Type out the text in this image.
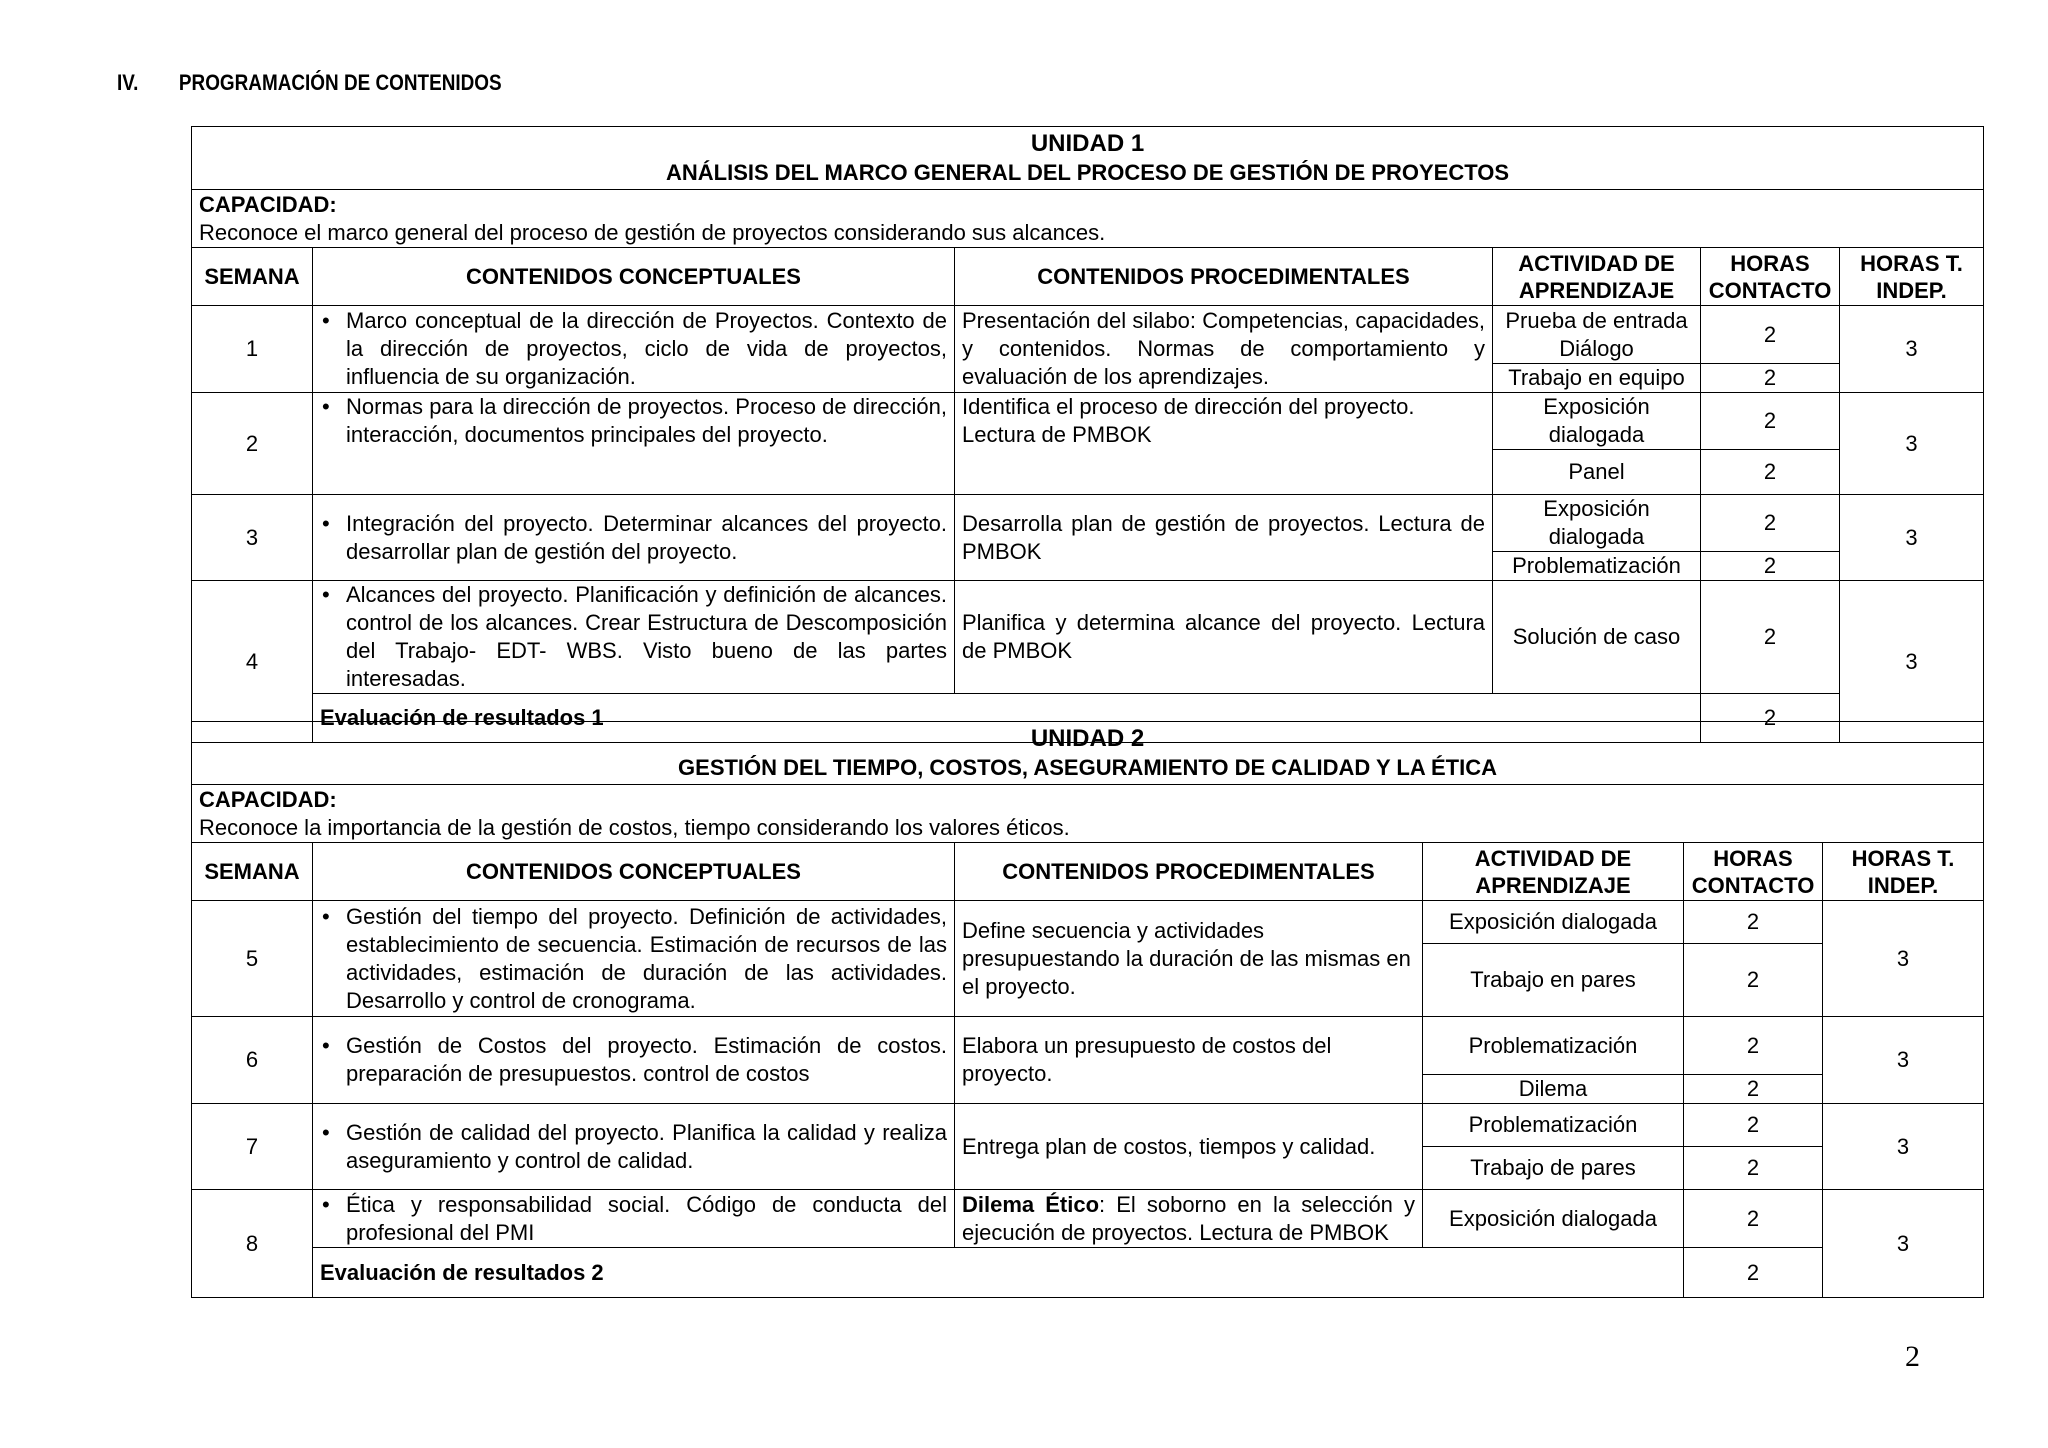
IV. PROGRAMACIÓN DE CONTENIDOS
UNIDAD 1
ANÁLISIS DEL MARCO GENERAL DEL PROCESO DE GESTIÓN DE PROYECTOS					

CAPACIDAD:
Reconoce el marco general del proceso de gestión de proyectos considerando sus alcances.					
SEMANA	CONTENIDOS CONCEPTUALES	CONTENIDOS PROCEDIMENTALES	ACTIVIDAD DE APRENDIZAJE	HORAS CONTACTO	HORAS T. INDEP.
1	• Marco conceptual de la dirección de Proyectos. Contexto de la dirección de proyectos, ciclo de vida de proyectos, influencia de su organización.	Presentación del silabo: Competencias, capacidades, y contenidos. Normas de comportamiento y evaluación de los aprendizajes.	Prueba de entrada Diálogo	2	3
			Trabajo en equipo	2	
2	• Normas para la dirección de proyectos. Proceso de dirección, interacción, documentos principales del proyecto.	Identifica el proceso de dirección del proyecto. Lectura de PMBOK	Exposición dialogada	2	3
			Panel	2	
3	• Integración del proyecto. Determinar alcances del proyecto. desarrollar plan de gestión del proyecto.	Desarrolla plan de gestión de proyectos. Lectura de PMBOK	Exposición dialogada	2	3
			Problematización	2	
4	• Alcances del proyecto. Planificación y definición de alcances. control de los alcances. Crear Estructura de Descomposición del Trabajo- EDT- WBS. Visto bueno de las partes interesadas.	Planifica y determina alcance del proyecto. Lectura de PMBOK	Solución de caso	2	3
	Evaluación de resultados 1			2	
UNIDAD 2
GESTIÓN DEL TIEMPO, COSTOS, ASEGURAMIENTO DE CALIDAD Y LA ÉTICA					

CAPACIDAD:
Reconoce la importancia de la gestión de costos, tiempo considerando los valores éticos.					
SEMANA	CONTENIDOS CONCEPTUALES	CONTENIDOS PROCEDIMENTALES	ACTIVIDAD DE APRENDIZAJE	HORAS CONTACTO	HORAS T. INDEP.
5	• Gestión del tiempo del proyecto. Definición de actividades, establecimiento de secuencia. Estimación de recursos de las actividades, estimación de duración de las actividades. Desarrollo y control de cronograma.	Define secuencia y actividades presupuestando la duración de las mismas en el proyecto.	Exposición dialogada	2	3
			Trabajo en pares	2	
6	• Gestión de Costos del proyecto. Estimación de costos. preparación de presupuestos. control de costos	Elabora un presupuesto de costos del proyecto.	Problematización	2	3
			Dilema	2	
7	• Gestión de calidad del proyecto. Planifica la calidad y realiza aseguramiento y control de calidad.	Entrega plan de costos, tiempos y calidad.	Problematización	2	3
			Trabajo de pares	2	
8	• Ética y responsabilidad social. Código de conducta del profesional del PMI	Dilema Ético: El soborno en la selección y ejecución de proyectos. Lectura de PMBOK	Exposición dialogada	2	3
	Evaluación de resultados 2			2	
2
